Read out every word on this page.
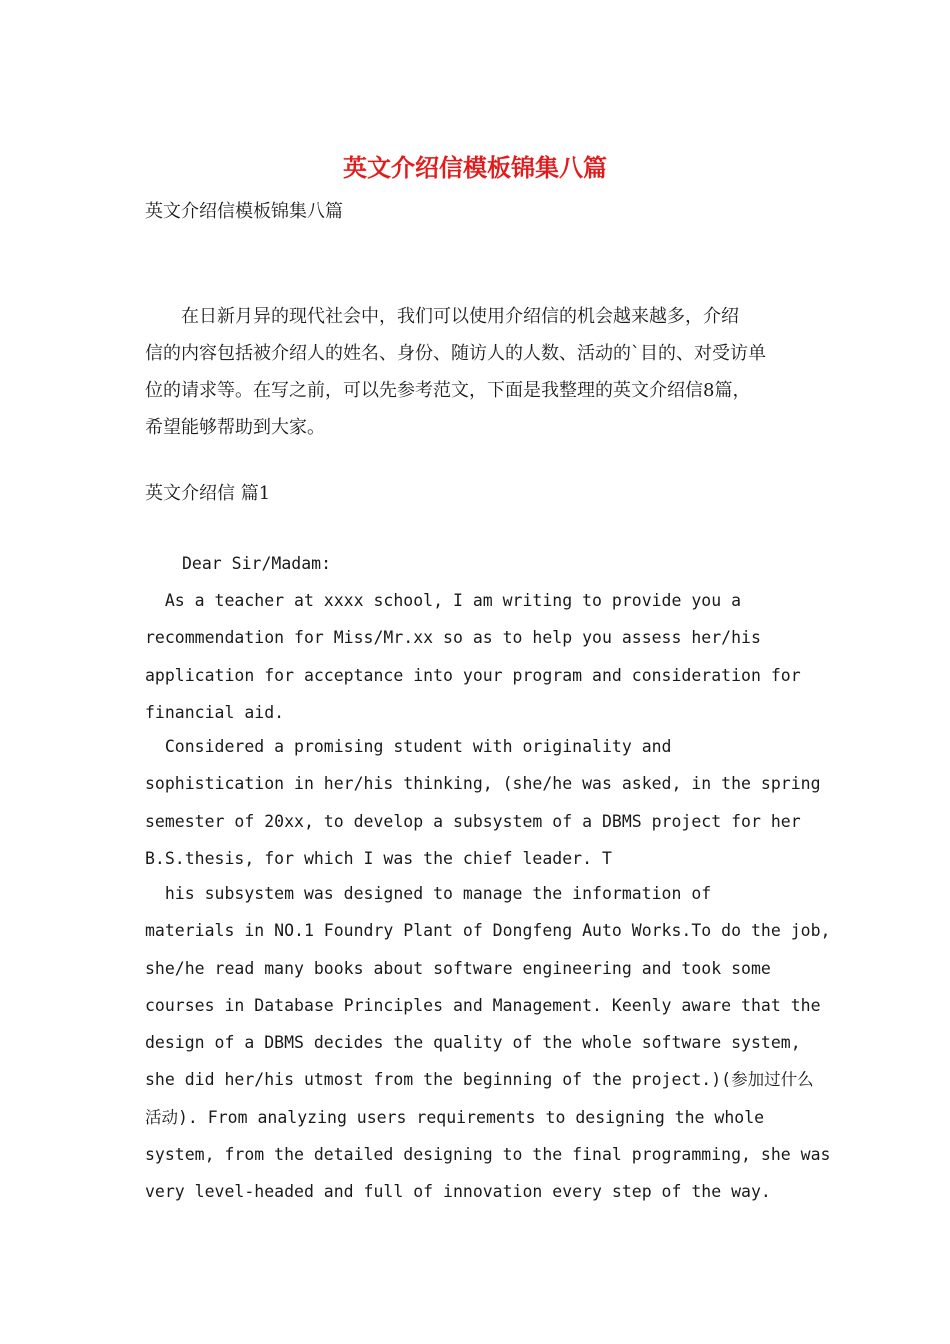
英文介绍信模板锦集八篇
英文介绍信模板锦集八篇
　　在日新月异的现代社会中，我们可以使用介绍信的机会越来越多，介绍
信的内容包括被介绍人的姓名、身份、随访人的人数、活动的`目的、对受访单
位的请求等。在写之前，可以先参考范文，下面是我整理的英文介绍信8篇，
希望能够帮助到大家。
英文介绍信 篇1
Dear Sir/Madam:
As a teacher at xxxx school, I am writing to provide you a
recommendation for Miss/Mr.xx so as to help you assess her/his
application for acceptance into your program and consideration for
financial aid.
Considered a promising student with originality and
sophistication in her/his thinking, (she/he was asked, in the spring
semester of 20xx, to develop a subsystem of a DBMS project for her
B.S.thesis, for which I was the chief leader. T
his subsystem was designed to manage the information of
materials in NO.1 Foundry Plant of Dongfeng Auto Works.To do the job,
she/he read many books about software engineering and took some
courses in Database Principles and Management. Keenly aware that the
design of a DBMS decides the quality of the whole software system,
she did her/his utmost from the beginning of the project.)(参加过什么
活动). From analyzing users requirements to designing the whole
system, from the detailed designing to the final programming, she was
very level-headed and full of innovation every step of the way.
